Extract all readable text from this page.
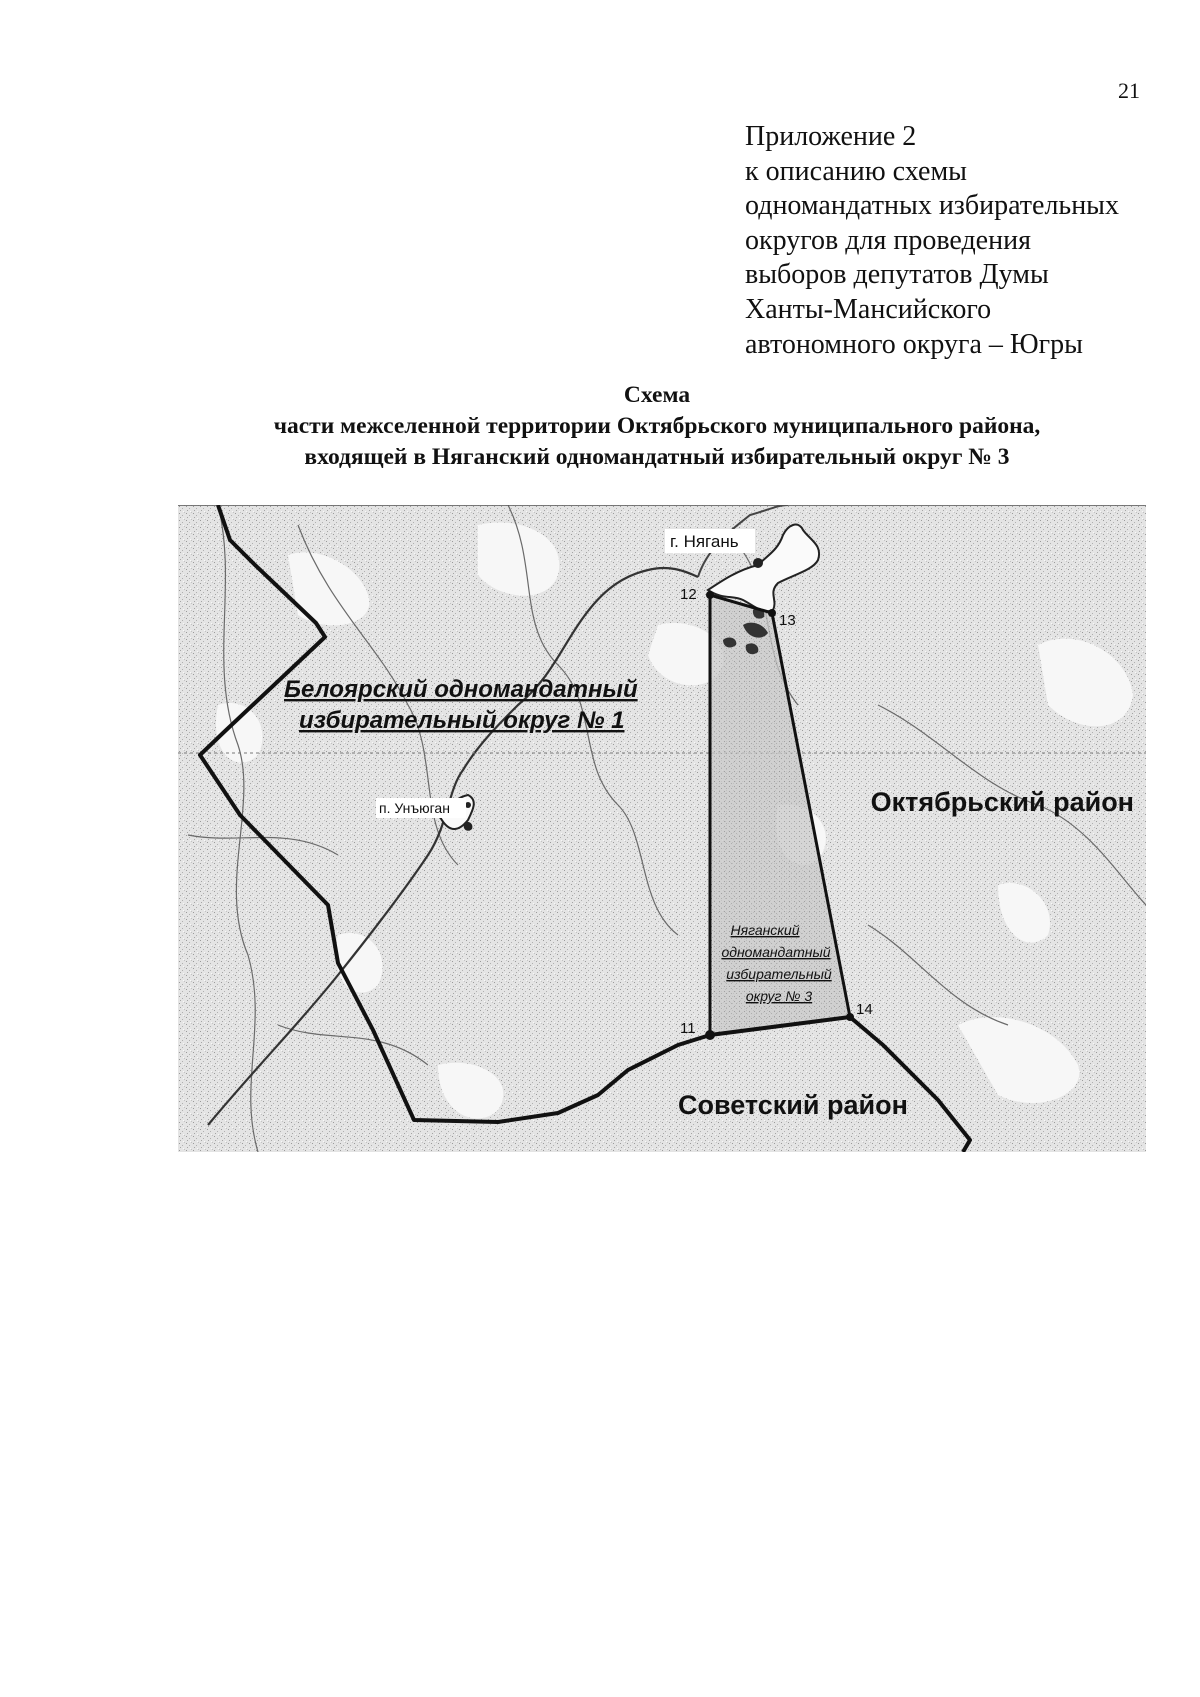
21
Приложение 2
к описанию схемы
одномандатных избирательных
округов для проведения
выборов депутатов Думы
Ханты-Мансийского
автономного округа – Югры
Схема
части межселенной территории Октябрьского муниципального района,
входящей в Няганский одномандатный избирательный округ № 3
г. Нягань
п. Унъюган
Белоярский одномандатный
избирательный округ № 1
Няганский
одномандатный
избирательный
округ № 3
Октябрьский район
Советский район
11
12
13
14
